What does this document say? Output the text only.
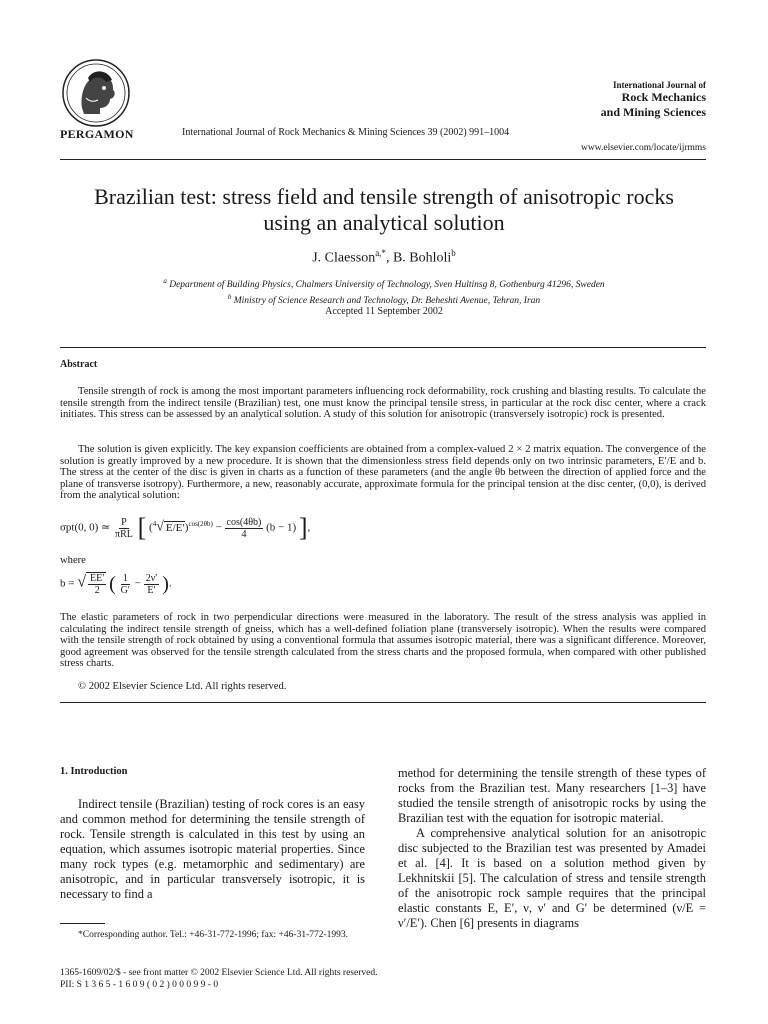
PERGAMON	International Journal of Rock Mechanics & Mining Sciences 39 (2002) 991–1004
International Journal of
Rock Mechanics
and Mining Sciences
www.elsevier.com/locate/ijrmms
Brazilian test: stress field and tensile strength of anisotropic rocks
using an analytical solution
J. Claesson$^{a,*}$, B. Bohloli$^b$
$^a$ Department of Building Physics, Chalmers University of Technology, Sven Hultinsg 8, Gothenburg 41296, Sweden
$^b$ Ministry of Science Research and Technology, Dr. Beheshti Avenue, Tehran, Iran
Accepted 11 September 2002
Abstract
Tensile strength of rock is among the most important parameters influencing rock deformability, rock crushing and blasting results. To calculate the tensile strength from the indirect tensile (Brazilian) test, one must know the principal tensile stress, in particular at the rock disc center, where a crack initiates. This stress can be assessed by an analytical solution. A study of this solution for anisotropic (transversely isotropic) rock is presented.
The solution is given explicitly. The key expansion coefficients are obtained from a complex-valued 2 × 2 matrix equation. The convergence of the solution is greatly improved by a new procedure. It is shown that the dimensionless stress field depends only on two intrinsic parameters, E′/E and b. The stress at the center of the disc is given in charts as a function of these parameters (and the angle θb between the direction of applied force and the plane of transverse isotropy). Furthermore, a new, reasonably accurate, approximate formula for the principal tension at the disc center, (0,0), is derived from the analytical solution:
σpt(0, 0) ≃ $\frac{P}{\text{πRL}}$ [ ($^4$√ $E/E')^{cos(2\theta b)} - \frac{\cos(4\theta b)}{4} (b - 1)$ ],
where
b = √ $\frac{EE'}{2}$ ( $\frac{1}{G'} - \frac{2\nu'}{E'}$ ).
The elastic parameters of rock in two perpendicular directions were measured in the laboratory. The result of the stress analysis was applied in calculating the indirect tensile strength of gneiss, which has a well-defined foliation plane (transversely isotropic). When the results were compared with the tensile strength of rock obtained by using a conventional formula that assumes isotropic material, there was a significant difference. Moreover, good agreement was observed for the tensile strength calculated from the stress charts and the proposed formula, when compared with other published stress charts.
© 2002 Elsevier Science Ltd. All rights reserved.
1. Introduction

Indirect tensile (Brazilian) testing of rock cores is an easy and common method for determining the tensile strength of rock. Tensile strength is calculated in this test by using an equation, which assumes isotropic material properties. Since many rock types (e.g. metamorphic and sedimentary) are anisotropic, and in particular transversely isotropic, it is necessary to find a

method for determining the tensile strength of these types of rocks from the Brazilian test. Many researchers [1–3] have studied the tensile strength of anisotropic rocks by using the Brazilian test with the equation for isotropic material.

A comprehensive analytical solution for an anisotropic disc subjected to the Brazilian test was presented by Amadei et al. [4]. It is based on a solution method given by Lekhnitskii [5]. The calculation of stress and tensile strength of the anisotropic rock sample requires that the principal elastic constants E, E′, ν, ν′ and G′ be determined (ν/E = ν′/E′). Chen [6] presents in diagrams

*Corresponding author. Tel.: +46-31-772-1996; fax: +46-31-772-1993.
1365-1609/02/$ - see front matter © 2002 Elsevier Science Ltd. All rights reserved.
PII: S 1 3 6 5 - 1 6 0 9 ( 0 2 ) 0 0 0 9 9 - 0
